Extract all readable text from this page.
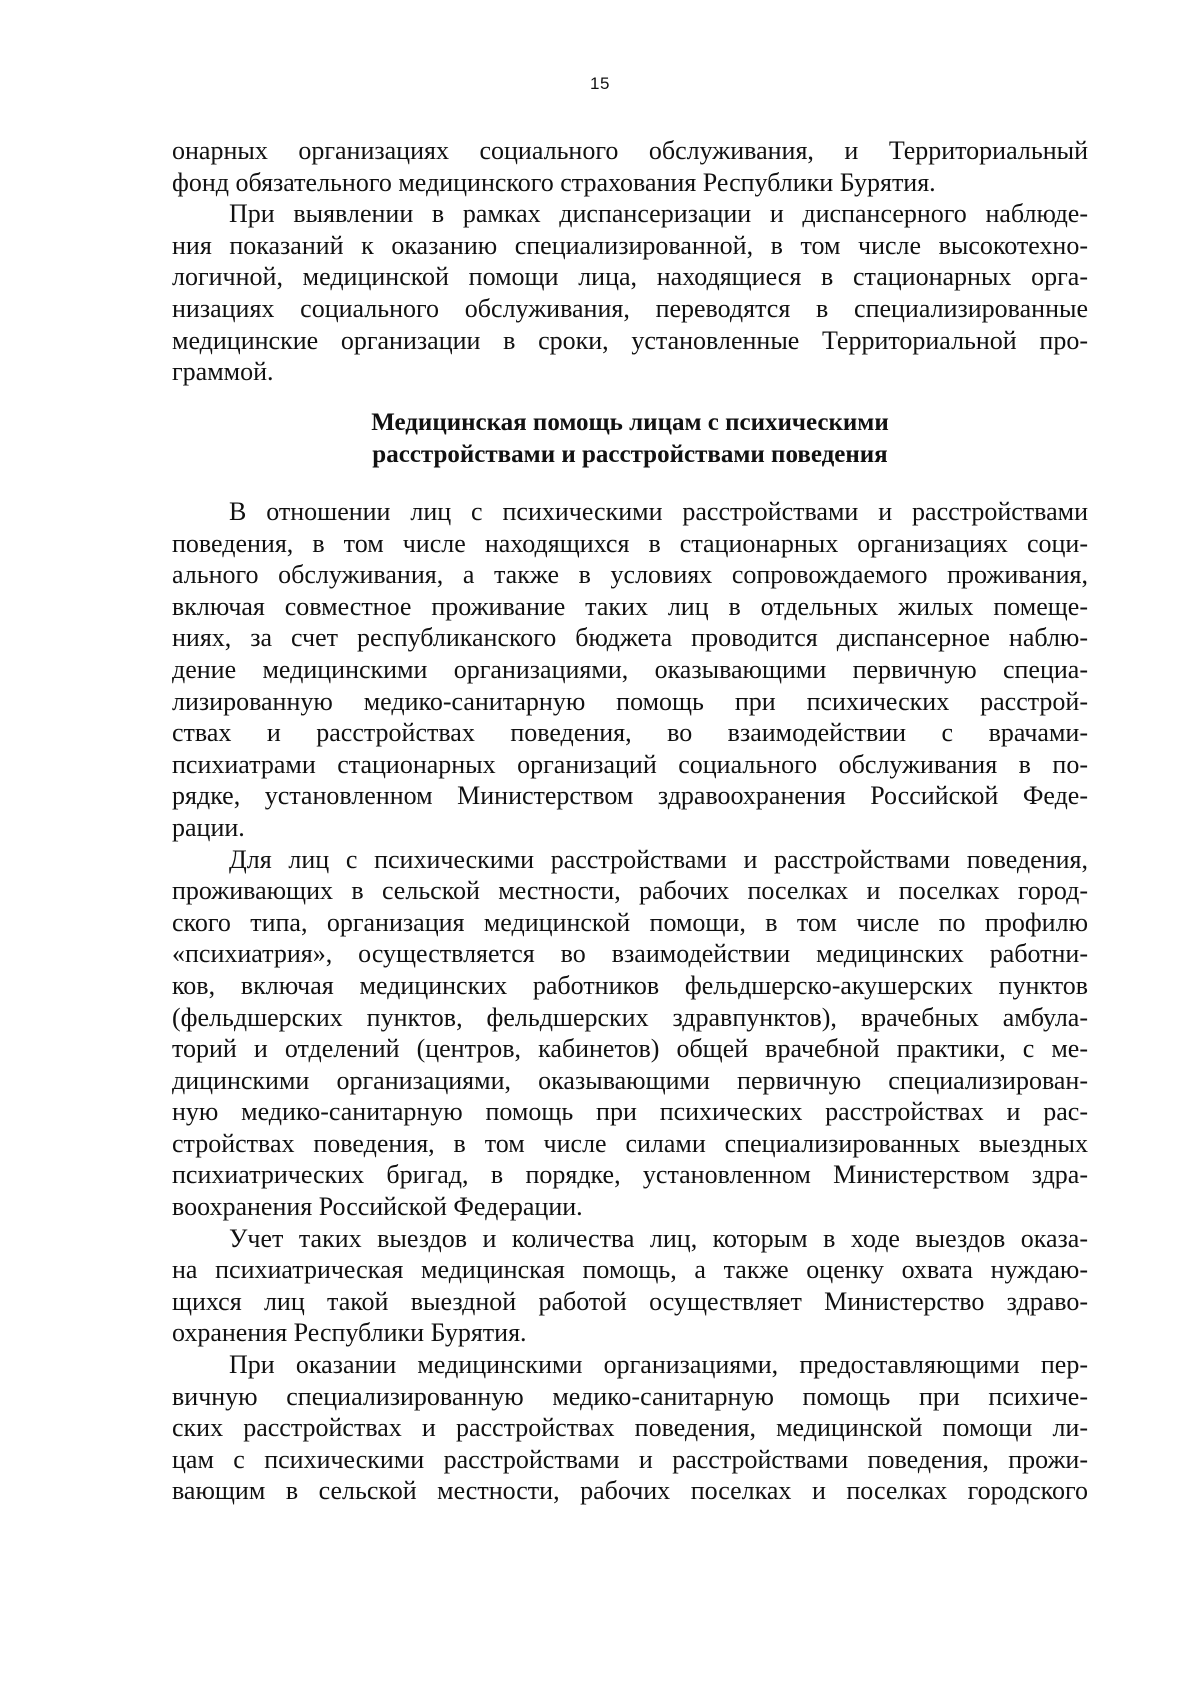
15
онарных организациях социального обслуживания, и Территориальный
фонд обязательного медицинского страхования Республики Бурятия.
При выявлении в рамках диспансеризации и диспансерного наблюде-
ния показаний к оказанию специализированной, в том числе высокотехно-
логичной, медицинской помощи лица, находящиеся в стационарных орга-
низациях социального обслуживания, переводятся в специализированные
медицинские организации в сроки, установленные Территориальной про-
граммой.
Медицинская помощь лицам с психическими
расстройствами и расстройствами поведения
В отношении лиц с психическими расстройствами и расстройствами
поведения, в том числе находящихся в стационарных организациях соци-
ального обслуживания, а также в условиях сопровождаемого проживания,
включая совместное проживание таких лиц в отдельных жилых помеще-
ниях, за счет республиканского бюджета проводится диспансерное наблю-
дение медицинскими организациями, оказывающими первичную специа-
лизированную медико-санитарную помощь при психических расстрой-
ствах и расстройствах поведения, во взаимодействии с врачами-
психиатрами стационарных организаций социального обслуживания в по-
рядке, установленном Министерством здравоохранения Российской Феде-
рации.
Для лиц с психическими расстройствами и расстройствами поведения,
проживающих в сельской местности, рабочих поселках и поселках город-
ского типа, организация медицинской помощи, в том числе по профилю
«психиатрия», осуществляется во взаимодействии медицинских работни-
ков, включая медицинских работников фельдшерско-акушерских пунктов
(фельдшерских пунктов, фельдшерских здравпунктов), врачебных амбула-
торий и отделений (центров, кабинетов) общей врачебной практики, с ме-
дицинскими организациями, оказывающими первичную специализирован-
ную медико-санитарную помощь при психических расстройствах и рас-
стройствах поведения, в том числе силами специализированных выездных
психиатрических бригад, в порядке, установленном Министерством здра-
воохранения Российской Федерации.
Учет таких выездов и количества лиц, которым в ходе выездов оказа-
на психиатрическая медицинская помощь, а также оценку охвата нуждаю-
щихся лиц такой выездной работой осуществляет Министерство здраво-
охранения Республики Бурятия.
При оказании медицинскими организациями, предоставляющими пер-
вичную специализированную медико-санитарную помощь при психиче-
ских расстройствах и расстройствах поведения, медицинской помощи ли-
цам с психическими расстройствами и расстройствами поведения, прожи-
вающим в сельской местности, рабочих поселках и поселках городского
